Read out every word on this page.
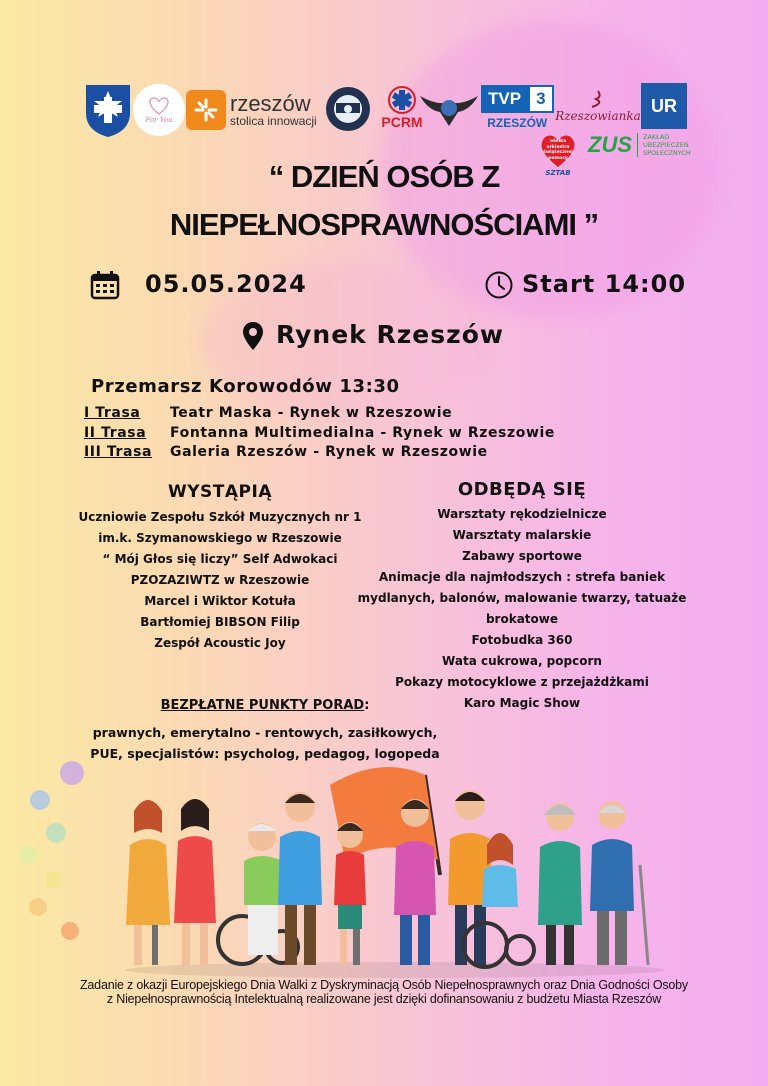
For You
rzeszów
stolica innowacji	PCRM
TVP 3
RZESZÓW Rzeszowianka
UR
wielka orkiestra
świątecznej
pomocy
SZTAB
ZUS ZAKŁAD
UBEZPIECZEŃ
SPOŁECZNYCH
“ DZIEŃ OSÓB Z
NIEPEŁNOSPRAWNOŚCIAMI ”
05.05.2024	Start 14:00
Rynek Rzeszów
Przemarsz Korowodów 13:30
I Trasa	Teatr Maska - Rynek w Rzeszowie
II Trasa	Fontanna Multimedialna - Rynek w Rzeszowie
III Trasa	Galeria Rzeszów - Rynek w Rzeszowie
WYSTĄPIĄ
Uczniowie Zespołu Szkół Muzycznych nr 1
im.k. Szymanowskiego w Rzeszowie
“ Mój Głos się liczy” Self Adwokaci
PZOZAZIWTZ w Rzeszowie
Marcel i Wiktor Kotuła
Bartłomiej BIBSON Filip
Zespół Acoustic Joy
ODBĘDĄ SIĘ
Warsztaty rękodzielnicze
Warsztaty malarskie
Zabawy sportowe
Animacje dla najmłodszych : strefa baniek
mydlanych, balonów, malowanie twarzy, tatuaże
brokatowe
Fotobudka 360
Wata cukrowa, popcorn
Pokazy motocyklowe z przejażdżkami
Karo Magic Show
BEZPŁATNE PUNKTY PORAD:
prawnych, emerytalno - rentowych, zasiłkowych,
PUE, specjalistów: psycholog, pedagog, logopeda
Zadanie z okazji Europejskiego Dnia Walki z Dyskryminacją Osób Niepełnosprawnych oraz Dnia Godności Osoby
z Niepełnosprawnością Intelektualną realizowane jest dzięki dofinansowaniu z budżetu Miasta Rzeszów
